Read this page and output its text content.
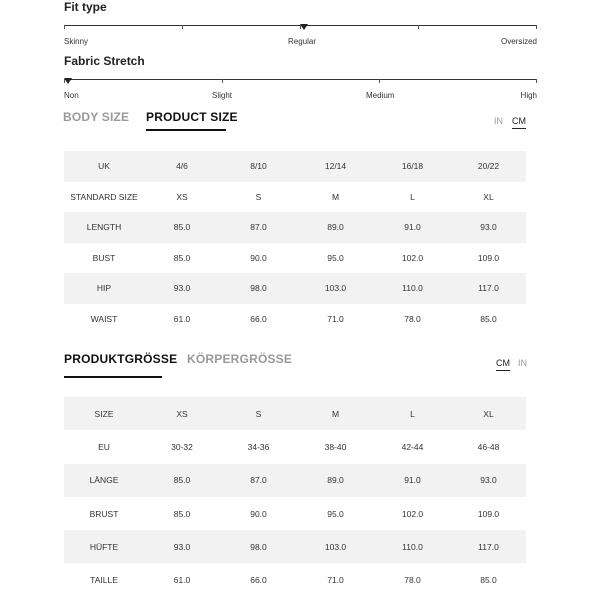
Fit type
Skinny	Regular	Oversized
Fabric Stretch
Non	Slight	Medium	High
BODY SIZE PRODUCT SIZE	IN CM
UK	4/6	8/10	12/14	16/18	20/22
STANDARD SIZE	XS	S	M	L	XL
LENGTH	85.0	87.0	89.0	91.0	93.0
BUST	85.0	90.0	95.0	102.0	109.0
HIP	93.0	98.0	103.0	110.0	117.0
WAIST	61.0	66.0	71.0	78.0	85.0
PRODUKTGRÖSSE KÖRPERGRÖSSE	CM IN
SIZE	XS	S	M	L	XL
EU	30-32	34-36	38-40	42-44	46-48
LÄNGE	85.0	87.0	89.0	91.0	93.0
BRUST	85.0	90.0	95.0	102.0	109.0
HÜFTE	93.0	98.0	103.0	110.0	117.0
TAILLE	61.0	66.0	71.0	78.0	85.0
